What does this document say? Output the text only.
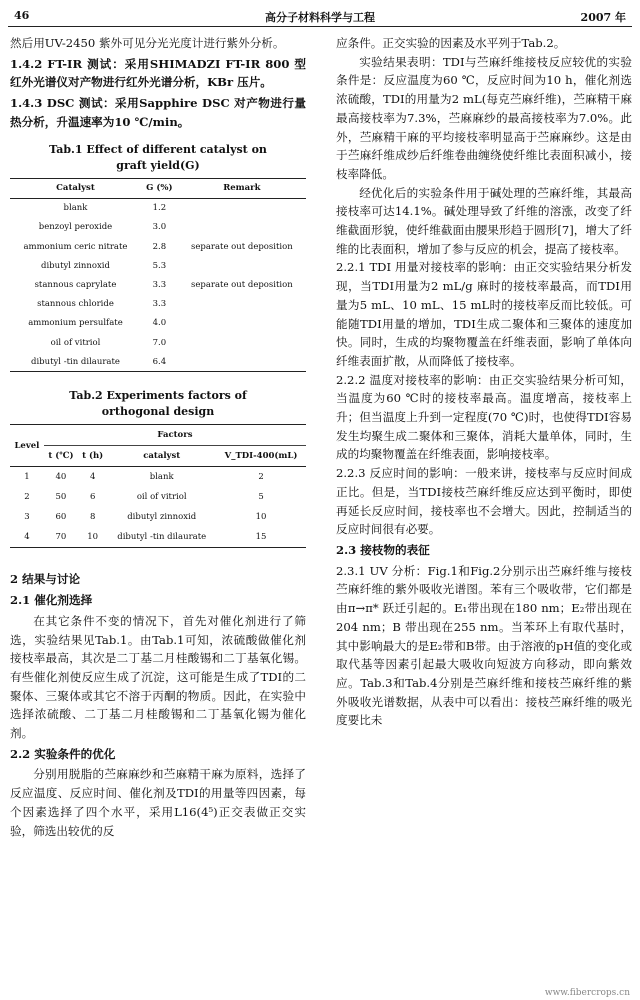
46	高分子材料科学与工程	2007 年

然后用UV-2450 紫外可见分光光度计进行紫外分析。

1.4.2 FT-IR 测试：采用SHIMADZI FT-IR 800 型红外光谱仪对产物进行红外光谱分析，KBr 压片。

1.4.3 DSC 测试：采用Sapphire DSC 对产物进行量热分析，升温速率为10 ℃/min。

Tab.1 Effect of different catalyst on
graft yield(G)
Catalyst	G (%)	Remark
blank	1.2	
benzoyl peroxide	3.0	
ammonium ceric nitrate	2.8	separate out deposition
dibutyl zinnoxid	5.3	
stannous caprylate	3.3	separate out deposition
stannous chloride	3.3	
ammonium persulfate	4.0	
oil of vitriol	7.0	
dibutyl -tin dilaurate	6.4	
Tab.2 Experiments factors of
orthogonal design
Level	Factors			
	t (℃)	t (h)	catalyst	V_TDI-400(mL)
1	40	4	blank	2
2	50	6	oil of vitriol	5
3	60	8	dibutyl zinnoxid	10
4	70	10	dibutyl -tin dilaurate	15

2 结果与讨论

2.1 催化剂选择

在其它条件不变的情况下，首先对催化剂进行了筛选，实验结果见Tab.1。由Tab.1可知，浓硫酸做催化剂接枝率最高，其次是二丁基二月桂酸锡和二丁基氧化锡。有些催化剂使反应生成了沉淀，这可能是生成了TDI的二聚体、三聚体或其它不溶于丙酮的物质。因此，在实验中选择浓硫酸、二丁基二月桂酸锡和二丁基氧化锡为催化剂。

2.2 实验条件的优化

分别用脱脂的苎麻麻纱和苎麻精干麻为原料，选择了反应温度、反应时间、催化剂及TDI的用量等四因素，每个因素选择了四个水平，采用L16(4⁵)正交表做正交实验，筛选出较优的反

应条件。正交实验的因素及水平列于Tab.2。

实验结果表明：TDI与苎麻纤维接枝反应较优的实验条件是：反应温度为60 ℃，反应时间为10 h，催化剂选浓硫酸，TDI的用量为2 mL(每克苎麻纤维)，苎麻精干麻最高接枝率为7.3%，苎麻麻纱的最高接枝率为7.0%。此外，苎麻精干麻的平均接枝率明显高于苎麻麻纱。这是由于苎麻纤维成纱后纤维卷曲缠绕使纤维比表面积减小，接枝率降低。

经优化后的实验条件用于碱处理的苎麻纤维，其最高接枝率可达14.1%。碱处理导致了纤维的溶涨，改变了纤维截面形貌，使纤维截面由腰果形趋于圆形[7]，增大了纤维的比表面积，增加了参与反应的机会，提高了接枝率。

2.2.1 TDI 用量对接枝率的影响：由正交实验结果分析发现，当TDI用量为2 mL/g 麻时的接枝率最高，而TDI用量为5 mL、10 mL、15 mL时的接枝率反而比较低。可能随TDI用量的增加，TDI生成二聚体和三聚体的速度加快。同时，生成的均聚物覆盖在纤维表面，影响了单体向纤维表面扩散，从而降低了接枝率。

2.2.2 温度对接枝率的影响：由正交实验结果分析可知，当温度为60 ℃时的接枝率最高。温度增高，接枝率上升；但当温度上升到一定程度(70 ℃)时，也使得TDI容易发生均聚生成二聚体和三聚体，消耗大量单体，同时，生成的均聚物覆盖在纤维表面，影响接枝率。

2.2.3 反应时间的影响：一般来讲，接枝率与反应时间成正比。但是，当TDI接枝苎麻纤维反应达到平衡时，即使再延长反应时间，接枝率也不会增大。因此，控制适当的反应时间很有必要。

2.3 接枝物的表征

2.3.1 UV 分析：Fig.1和Fig.2分别示出苎麻纤维与接枝苎麻纤维的紫外吸收光谱图。苯有三个吸收带，它们都是由π→π* 跃迁引起的。E₁带出现在180 nm；E₂带出现在204 nm；B 带出现在255 nm。当苯环上有取代基时，其中影响最大的是E₂带和B带。由于溶液的pH值的变化或取代基等因素引起最大吸收向短波方向移动，即向紫效应。Tab.3和Tab.4分别是苎麻纤维和接枝苎麻纤维的紫外吸收光谱数据，从表中可以看出：接枝苎麻纤维的吸光度要比未

www.fibercrops.cn
